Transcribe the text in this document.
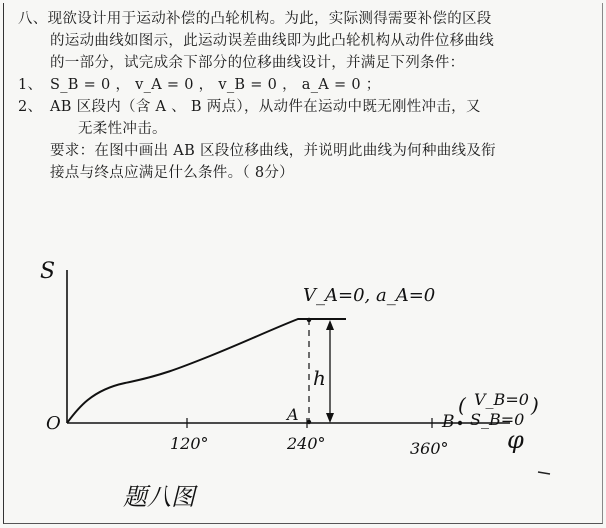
八、现欲设计用于运动补偿的凸轮机构。为此，实际测得需要补偿的区段
的运动曲线如图示，此运动误差曲线即为此凸轮机构从动件位移曲线
的一部分，试完成余下部分的位移曲线设计，并满足下列条件：
1、 S_B = 0 ， v_A = 0 ， v_B = 0 ， a_A = 0 ；
2、 AB 区段内（含 A 、 B 两点），从动件在运动中既无刚性冲击，又
无柔性冲击。
要求：在图中画出 AB 区段位移曲线，并说明此曲线为何种曲线及衔
接点与终点应满足什么条件。（ 8分）
S
O
120°	240°	360° φ
A	B
V_A=0, a_A=0
h
( V_B=0
S_B=0
)
题八图
